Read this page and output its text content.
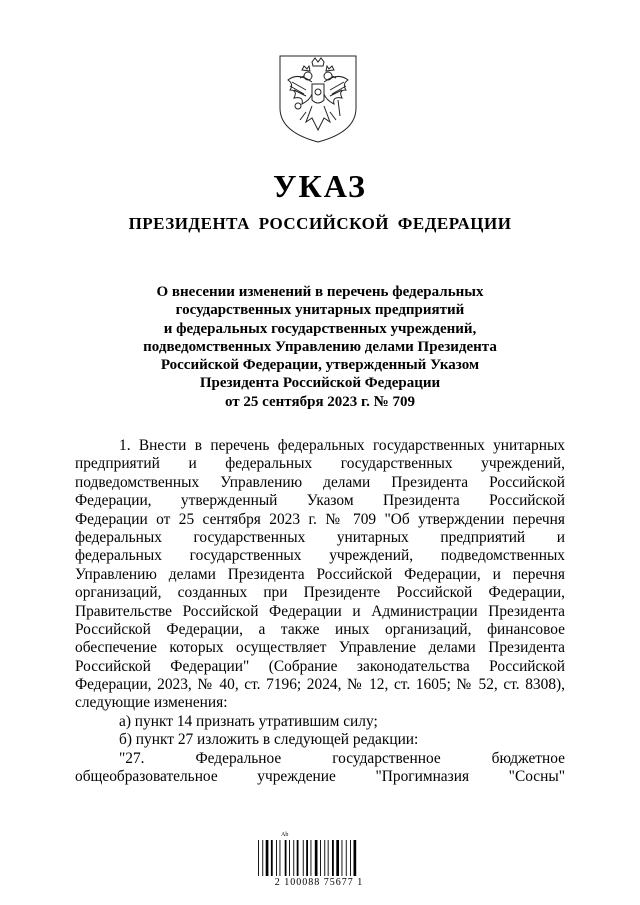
УКАЗ
ПРЕЗИДЕНТА РОССИЙСКОЙ ФЕДЕРАЦИИ
О внесении изменений в перечень федеральных
государственных унитарных предприятий
и федеральных государственных учреждений,
подведомственных Управлению делами Президента
Российской Федерации, утвержденный Указом
Президента Российской Федерации
от 25 сентября 2023 г. № 709
1. Внести в перечень федеральных государственных унитарных
предприятий и федеральных государственных учреждений,
подведомственных Управлению делами Президента Российской
Федерации, утвержденный Указом Президента Российской
Федерации от 25 сентября 2023 г. № 709 "Об утверждении перечня
федеральных государственных унитарных предприятий и
федеральных государственных учреждений, подведомственных
Управлению делами Президента Российской Федерации, и перечня
организаций, созданных при Президенте Российской Федерации,
Правительстве Российской Федерации и Администрации Президента
Российской Федерации, а также иных организаций, финансовое
обеспечение которых осуществляет Управление делами Президента
Российской Федерации" (Собрание законодательства Российской
Федерации, 2023, № 40, ст. 7196; 2024, № 12, ст. 1605; № 52, ст. 8308),
следующие изменения:
а) пункт 14 признать утратившим силу;
б) пункт 27 изложить в следующей редакции:
"27. Федеральное государственное бюджетное
общеобразовательное учреждение "Прогимназия "Сосны"
Ab
2 100088 75677 1
